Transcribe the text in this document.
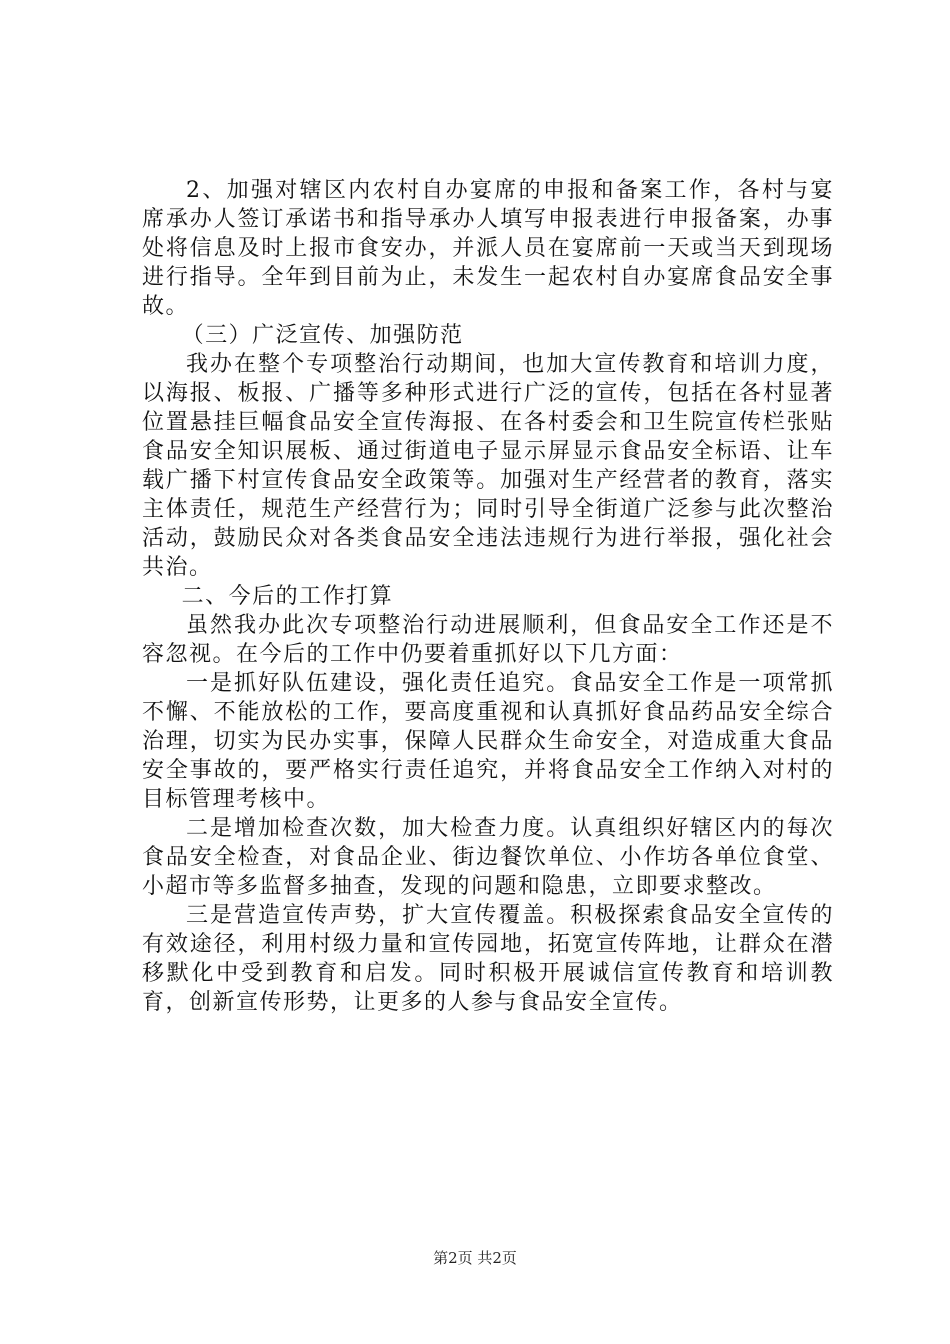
2、加强对辖区内农村自办宴席的申报和备案工作，各村与宴席承办人签订承诺书和指导承办人填写申报表进行申报备案，办事处将信息及时上报市食安办，并派人员在宴席前一天或当天到现场进行指导。全年到目前为止，未发生一起农村自办宴席食品安全事故。

（三）广泛宣传、加强防范

我办在整个专项整治行动期间，也加大宣传教育和培训力度，以海报、板报、广播等多种形式进行广泛的宣传，包括在各村显著位置悬挂巨幅食品安全宣传海报、在各村委会和卫生院宣传栏张贴食品安全知识展板、通过街道电子显示屏显示食品安全标语、让车载广播下村宣传食品安全政策等。加强对生产经营者的教育，落实主体责任，规范生产经营行为；同时引导全街道广泛参与此次整治活动，鼓励民众对各类食品安全违法违规行为进行举报，强化社会共治。

二、今后的工作打算

虽然我办此次专项整治行动进展顺利，但食品安全工作还是不容忽视。在今后的工作中仍要着重抓好以下几方面：

一是抓好队伍建设，强化责任追究。食品安全工作是一项常抓不懈、不能放松的工作，要高度重视和认真抓好食品药品安全综合治理，切实为民办实事，保障人民群众生命安全，对造成重大食品安全事故的，要严格实行责任追究，并将食品安全工作纳入对村的目标管理考核中。

二是增加检查次数，加大检查力度。认真组织好辖区内的每次食品安全检查，对食品企业、街边餐饮单位、小作坊各单位食堂、小超市等多监督多抽查，发现的问题和隐患，立即要求整改。

三是营造宣传声势，扩大宣传覆盖。积极探索食品安全宣传的有效途径，利用村级力量和宣传园地，拓宽宣传阵地，让群众在潜移默化中受到教育和启发。同时积极开展诚信宣传教育和培训教育，创新宣传形势，让更多的人参与食品安全宣传。

第2页 共2页
